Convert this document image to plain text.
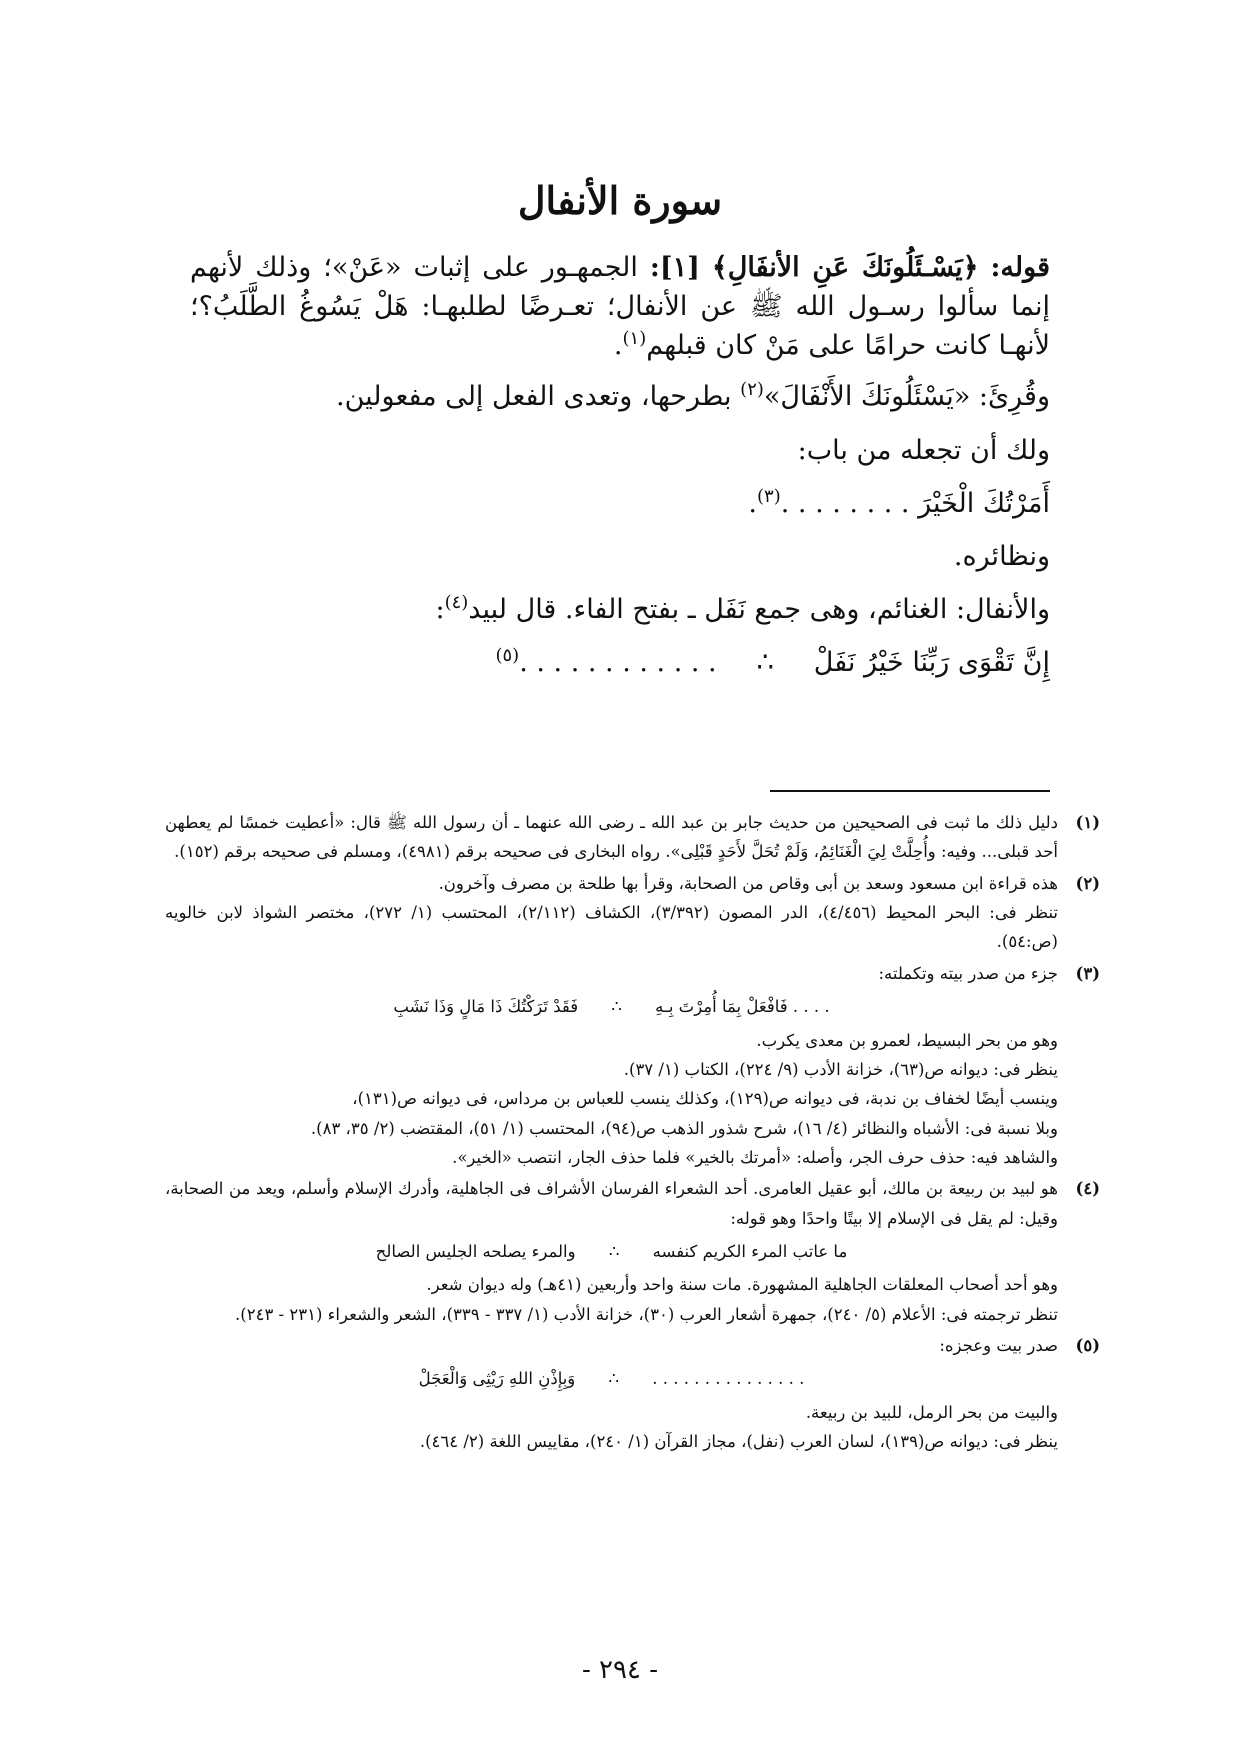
سورة الأنفال

قوله: ﴿يَسْـئَلُونَكَ عَنِ الأنفَالِ﴾ [١]: الجمهـور على إثبات «عَنْ»؛ وذلك لأنهم إنما سألوا رسـول الله ﷺ عن الأنفال؛ تعـرضًا لطلبهـا: هَلْ يَسُوغُ الطَّلَبُ؟؛ لأنهـا كانت حرامًا على مَنْ كان قبلهم$^{(١)}$.

وقُرِئَ: «يَسْئَلُونَكَ الأَنْفَالَ»$^{(٢)}$ بطرحها، وتعدى الفعل إلى مفعولين.

ولك أن تجعله من باب:

أَمَرْتُكَ الْخَيْرَ . . . . . . . .$^{(٣)}$.

ونظائره.

والأنفال: الغنائم، وهى جمع نَفَل ـ بفتح الفاء. قال لبيد$^{(٤)}$:

إِنَّ تَقْوَى رَبِّنَا خَيْرُ نَفَلْ
∴
. . . . . . . . . . . .$^{(٥)}$
(١)

دليل ذلك ما ثبت فى الصحيحين من حديث جابر بن عبد الله ـ رضى الله عنهما ـ أن رسول الله ﷺ قال: «أعطيت خمسًا لم يعطهن أحد قبلى... وفيه: وأُحِلَّتْ لِيَ الْغَنَائِمُ، وَلَمْ تُحَلَّ لأَحَدٍ قَبْلِى». رواه البخارى فى صحيحه برقم (٤٩٨١)، ومسلم فى صحيحه برقم (١٥٢).

(٢)

هذه قراءة ابن مسعود وسعد بن أبى وقاص من الصحابة، وقرأ بها طلحة بن مصرف وآخرون.

تنظر فى: البحر المحيط (٤/٤٥٦)، الدر المصون (٣/٣٩٢)، الكشاف (٢/١١٢)، المحتسب (١/ ٢٧٢)، مختصر الشواذ لابن خالويه (ص:٥٤).

(٣)

جزء من صدر بيته وتكملته:

. . . . فَافْعَلْ بِمَا أُمِرْتَ بِـهِ ∴ فَقَدْ تَرَكْتُكَ ذَا مَالٍ وَذَا نَشَبِ

وهو من بحر البسيط، لعمرو بن معدى يكرب.

ينظر فى: ديوانه ص(٦٣)، خزانة الأدب (٩/ ٢٢٤)، الكتاب (١/ ٣٧).

وينسب أيضًا لخفاف بن ندبة، فى ديوانه ص(١٢٩)، وكذلك ينسب للعباس بن مرداس، فى ديوانه ص(١٣١)،

وبلا نسبة فى: الأشباه والنظائر (٤/ ١٦)، شرح شذور الذهب ص(٩٤)، المحتسب (١/ ٥١)، المقتضب (٢/ ٣٥، ٨٣).

والشاهد فيه: حذف حرف الجر، وأصله: «أمرتك بالخير» فلما حذف الجار، انتصب «الخير».

(٤)

هو لبيد بن ربيعة بن مالك، أبو عقيل العامرى. أحد الشعراء الفرسان الأشراف فى الجاهلية، وأدرك الإسلام وأسلم، ويعد من الصحابة، وقيل: لم يقل فى الإسلام إلا بيتًا واحدًا وهو قوله:

ما عاتب المرء الكريم كنفسه ∴ والمرء يصلحه الجليس الصالح

وهو أحد أصحاب المعلقات الجاهلية المشهورة. مات سنة واحد وأربعين (٤١هـ) وله ديوان شعر.

تنظر ترجمته فى: الأعلام (٥/ ٢٤٠)، جمهرة أشعار العرب (٣٠)، خزانة الأدب (١/ ٣٣٧ - ٣٣٩)، الشعر والشعراء (٢٣١ - ٢٤٣).

(٥)

صدر بيت وعجزه:

. . . . . . . . . . . . . . . ∴ وَبِإِذْنِ اللهِ رَيْثِى وَالْعَجَلْ

والبيت من بحر الرمل، للبيد بن ربيعة.

ينظر فى: ديوانه ص(١٣٩)، لسان العرب (نفل)، مجاز القرآن (١/ ٢٤٠)، مقاييس اللغة (٢/ ٤٦٤).

- ٢٩٤ -
